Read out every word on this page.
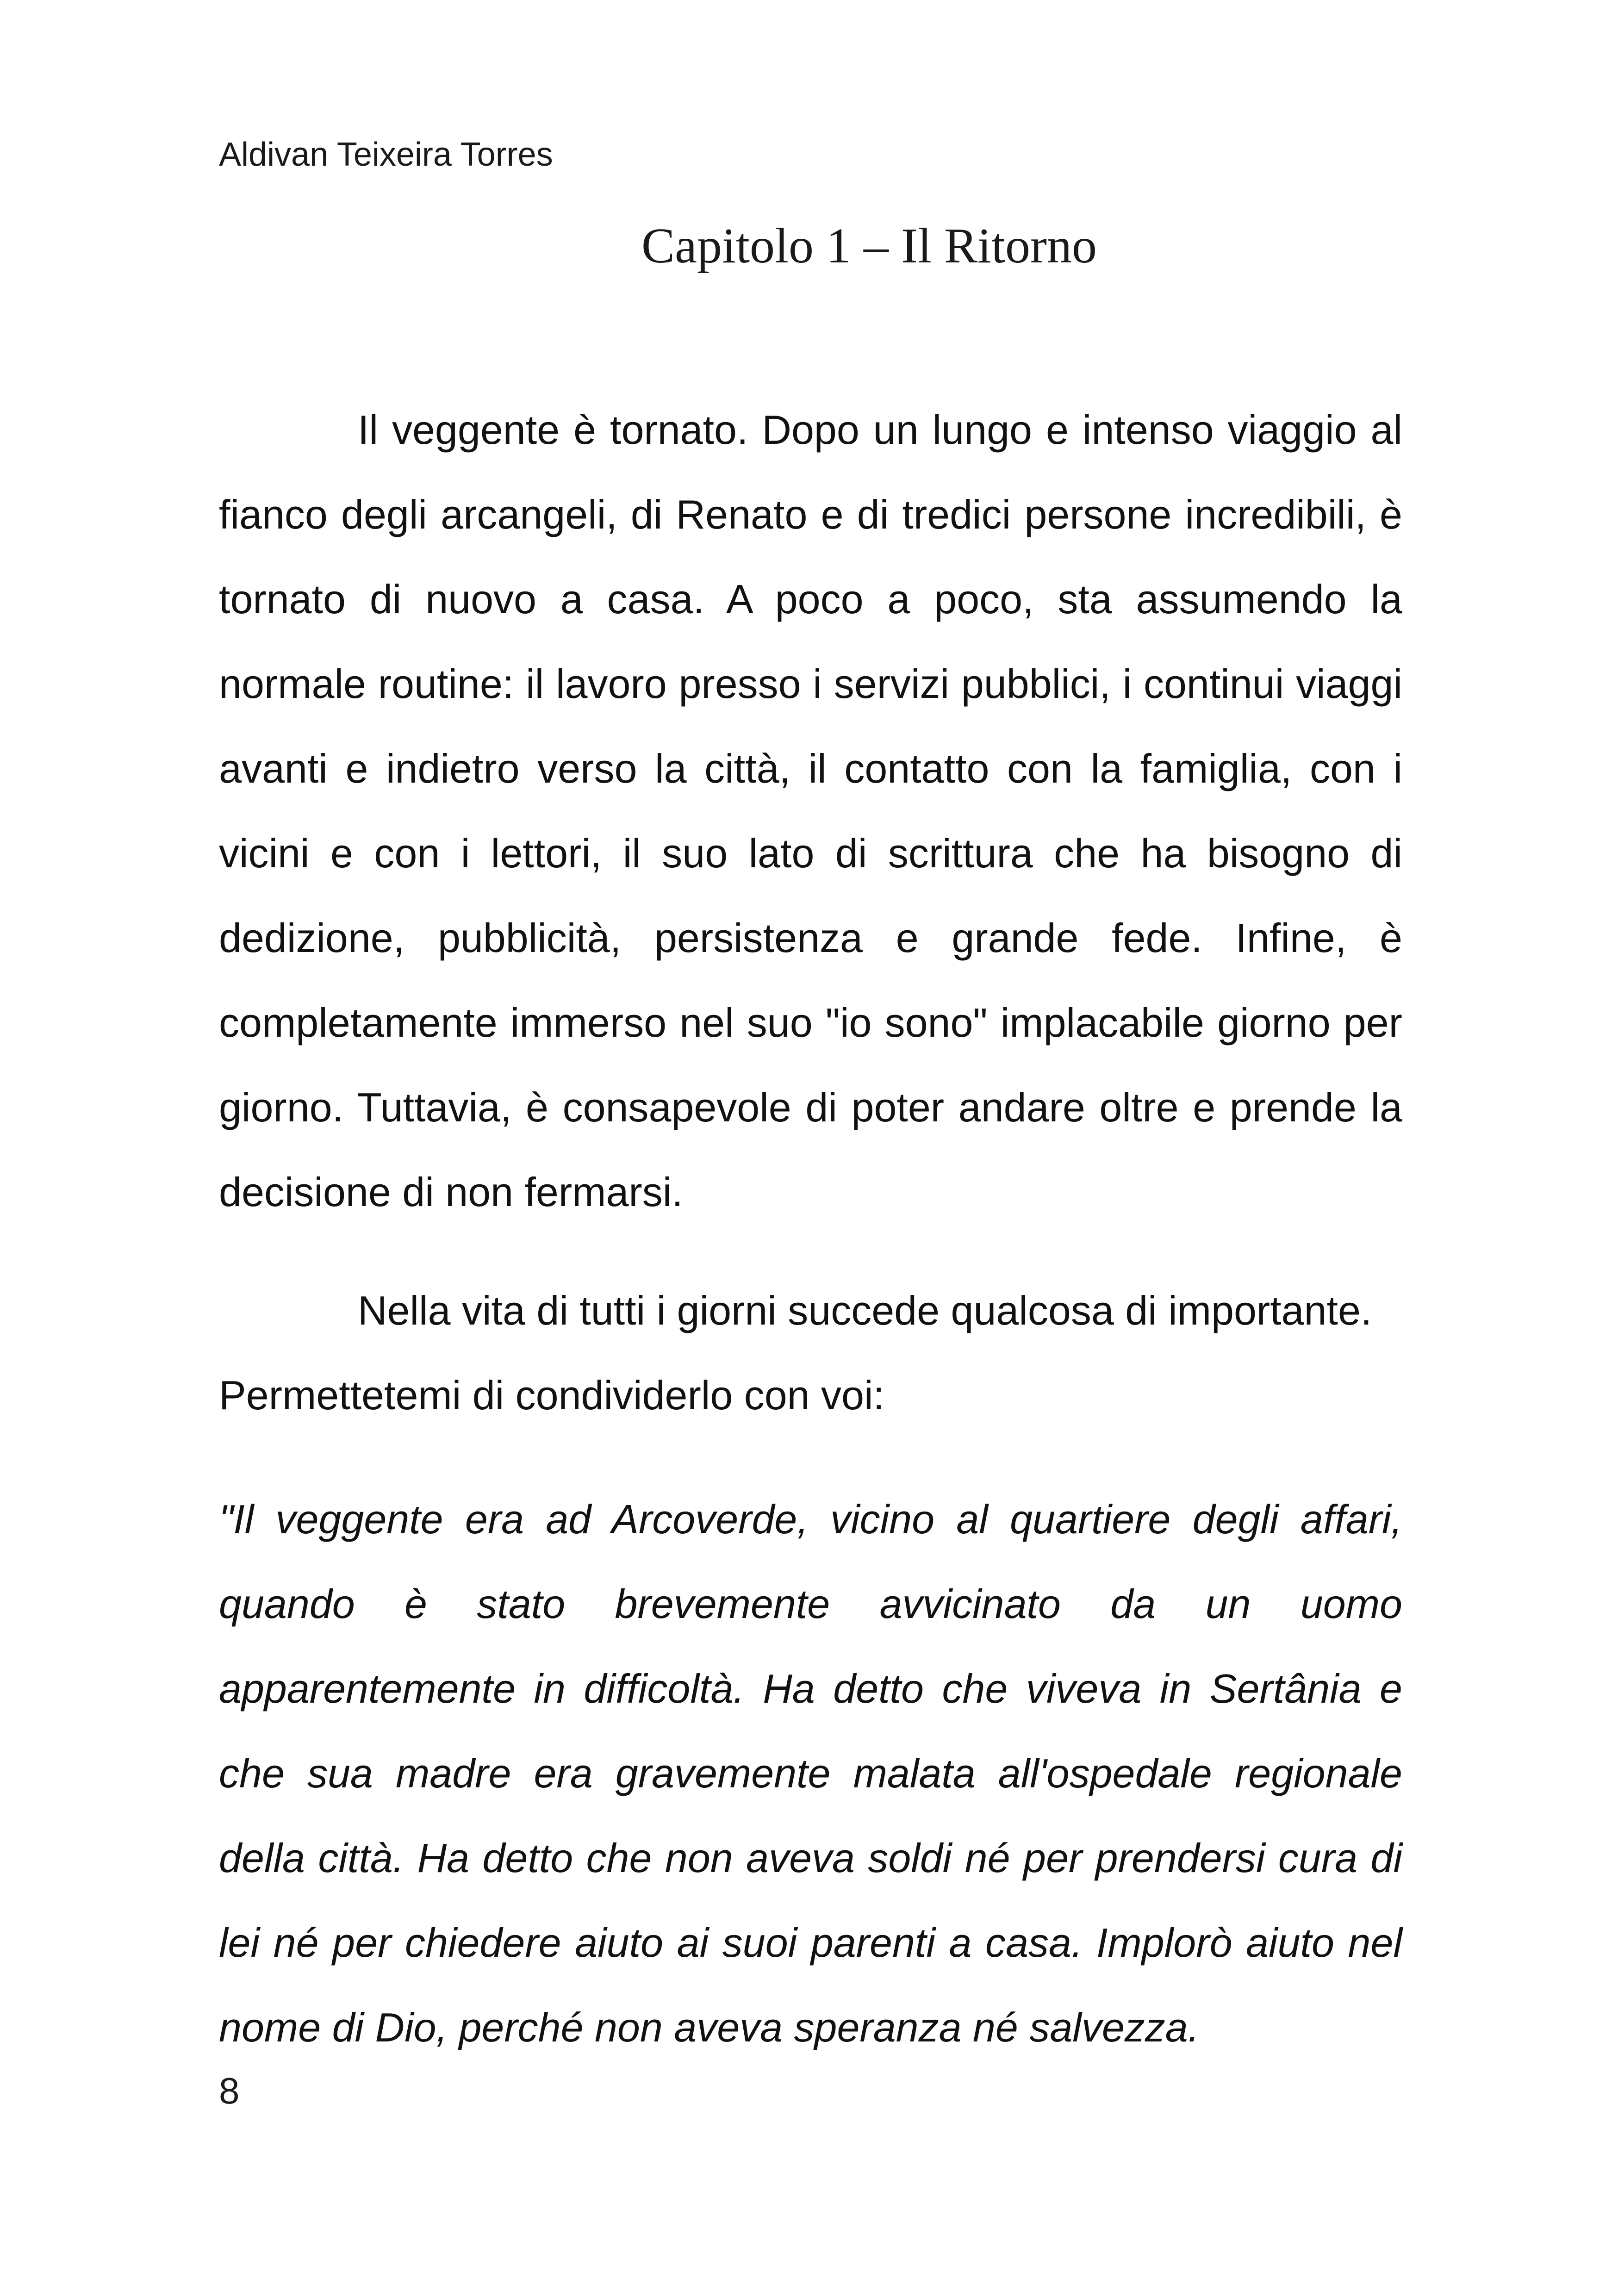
Aldivan Teixeira Torres
Capitolo 1 – Il Ritorno

Il veggente è tornato. Dopo un lungo e intenso viaggio al fianco degli arcangeli, di Renato e di tredici persone incredibili, è tornato di nuovo a casa. A poco a poco, sta assumendo la normale routine: il lavoro presso i servizi pubblici, i continui viaggi avanti e indietro verso la città, il contatto con la famiglia, con i vicini e con i lettori, il suo lato di scrittura che ha bisogno di dedizione, pubblicità, persistenza e grande fede. Infine, è completamente immerso nel suo "io sono" implacabile giorno per giorno. Tuttavia, è consapevole di poter andare oltre e prende la decisione di non fermarsi.

Nella vita di tutti i giorni succede qualcosa di importante. Permettetemi di condividerlo con voi:

"Il veggente era ad Arcoverde, vicino al quartiere degli affari, quando è stato brevemente avvicinato da un uomo apparentemente in difficoltà. Ha detto che viveva in Sertânia e che sua madre era gravemente malata all'ospedale regionale della città. Ha detto che non aveva soldi né per prendersi cura di lei né per chiedere aiuto ai suoi parenti a casa. Implorò aiuto nel nome di Dio, perché non aveva speranza né salvezza.

8
